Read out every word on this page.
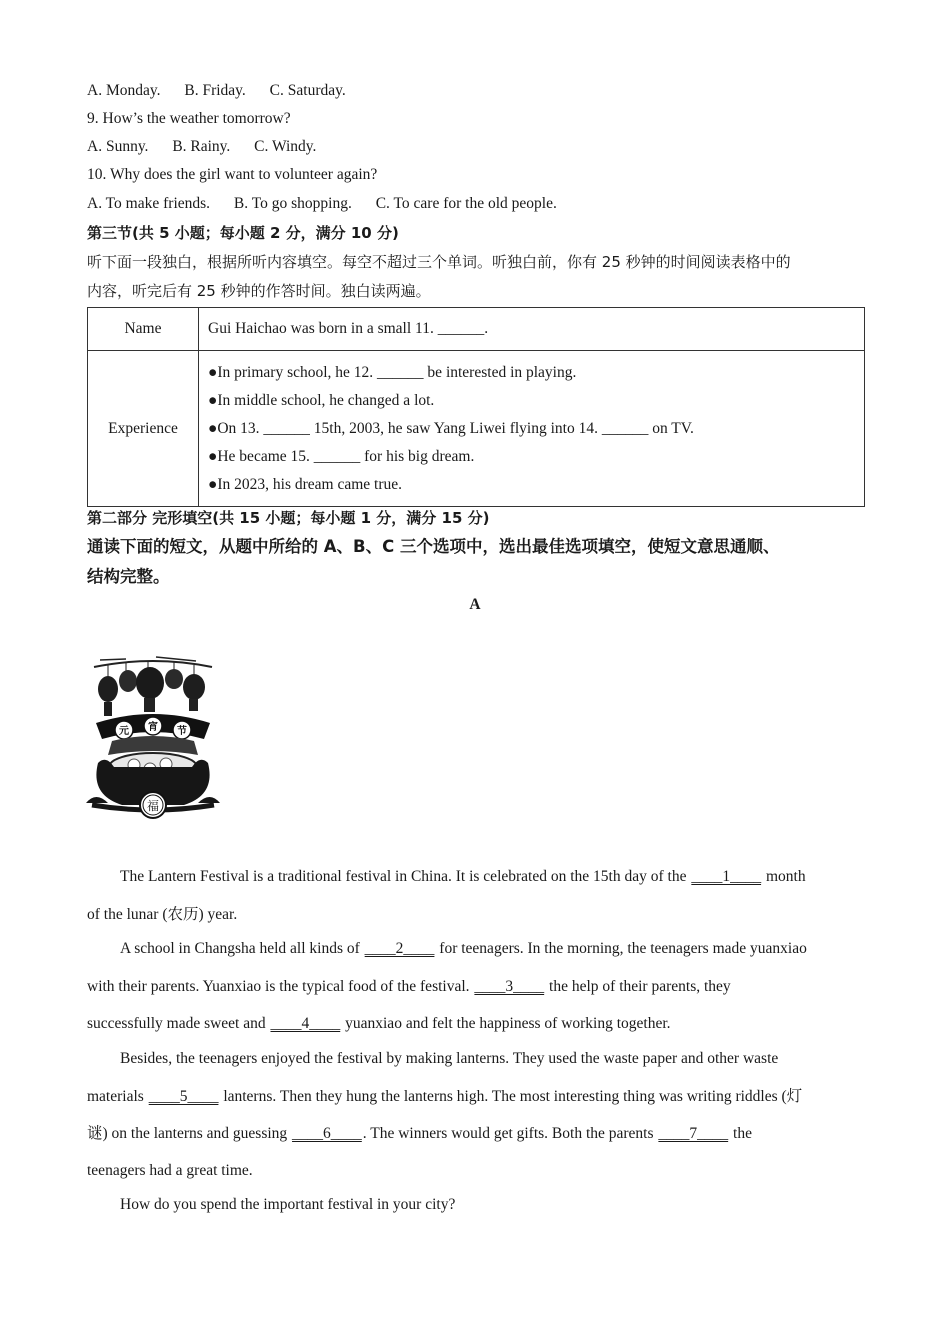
A. Monday. B. Friday. C. Saturday.
9. How’s the weather tomorrow?
A. Sunny. B. Rainy. C. Windy.
10. Why does the girl want to volunteer again?
A. To make friends. B. To go shopping. C. To care for the old people.
第三节(共 5 小题；每小题 2 分，满分 10 分)
听下面一段独白，根据所听内容填空。每空不超过三个单词。听独白前，你有 25 秒钟的时间阅读表格中的
内容，听完后有 25 秒钟的作答时间。独白读两遍。
Name	Gui Haichao was born in a small 11. ______.
Experience	●In primary school, he 12. ______ be interested in playing.
●In middle school, he changed a lot.
●On 13. ______ 15th, 2003, he saw Yang Liwei flying into 14. ______ on TV.
●He became 15. ______ for his big dream.
●In 2023, his dream came true.
第二部分 完形填空(共 15 小题；每小题 1 分，满分 15 分)
通读下面的短文，从题中所给的 A、B、C 三个选项中，选出最佳选项填空，使短文意思通顺、
结构完整。
A
元 宵 节
福
The Lantern Festival is a traditional festival in China. It is celebrated on the 15th day of the ____1____ month
of the lunar (农历) year.
A school in Changsha held all kinds of ____2____ for teenagers. In the morning, the teenagers made yuanxiao
with their parents. Yuanxiao is the typical food of the festival. ____3____ the help of their parents, they
successfully made sweet and ____4____ yuanxiao and felt the happiness of working together.
Besides, the teenagers enjoyed the festival by making lanterns. They used the waste paper and other waste
materials ____5____ lanterns. Then they hung the lanterns high. The most interesting thing was writing riddles (灯
谜) on the lanterns and guessing ____6____. The winners would get gifts. Both the parents ____7____ the
teenagers had a great time.
How do you spend the important festival in your city?
